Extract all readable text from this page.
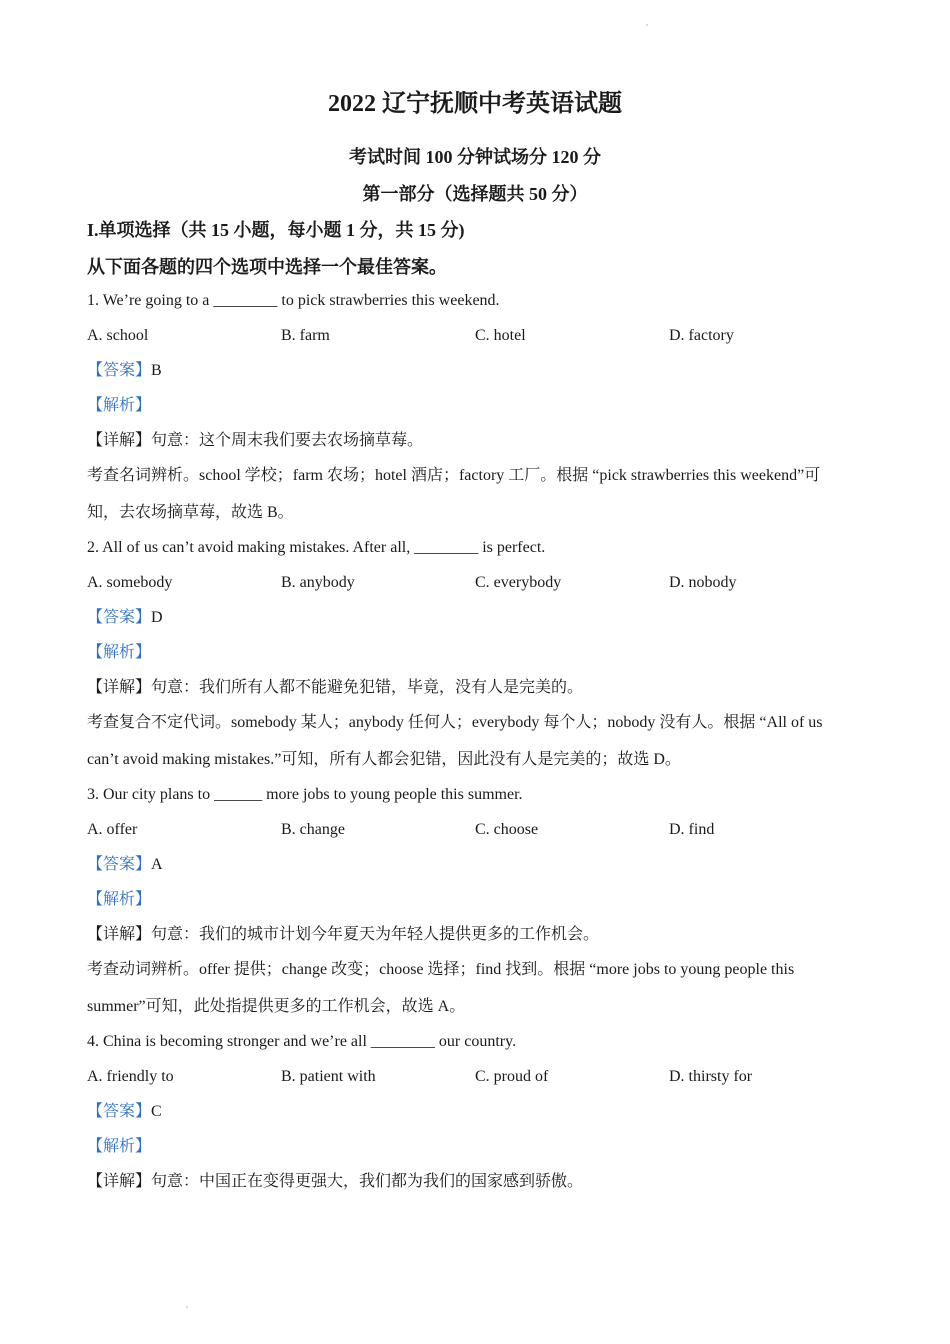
2022 辽宁抚顺中考英语试题
考试时间 100 分钟试场分 120 分
第一部分（选择题共 50 分）
I.单项选择（共 15 小题，每小题 1 分，共 15 分)
从下面各题的四个选项中选择一个最佳答案。
1. We’re going to a ________ to pick strawberries this weekend.
A. school	B. farm	C. hotel	D. factory
【答案】B
【解析】
【详解】句意：这个周末我们要去农场摘草莓。
考查名词辨析。school 学校；farm 农场；hotel 酒店；factory 工厂。根据 “pick strawberries this weekend”可
知，去农场摘草莓，故选 B。
2. All of us can’t avoid making mistakes. After all, ________ is perfect.
A. somebody	B. anybody	C. everybody	D. nobody
【答案】D
【解析】
【详解】句意：我们所有人都不能避免犯错，毕竟，没有人是完美的。
考查复合不定代词。somebody 某人；anybody 任何人；everybody 每个人；nobody 没有人。根据 “All of us
can’t avoid making mistakes.”可知，所有人都会犯错，因此没有人是完美的；故选 D。
3. Our city plans to ______ more jobs to young people this summer.
A. offer	B. change	C. choose	D. find
【答案】A
【解析】
【详解】句意：我们的城市计划今年夏天为年轻人提供更多的工作机会。
考查动词辨析。offer 提供；change 改变；choose 选择；find 找到。根据 “more jobs to young people this
summer”可知，此处指提供更多的工作机会，故选 A。
4. China is becoming stronger and we’re all ________ our country.
A. friendly to	B. patient with	C. proud of	D. thirsty for
【答案】C
【解析】
【详解】句意：中国正在变得更强大，我们都为我们的国家感到骄傲。
